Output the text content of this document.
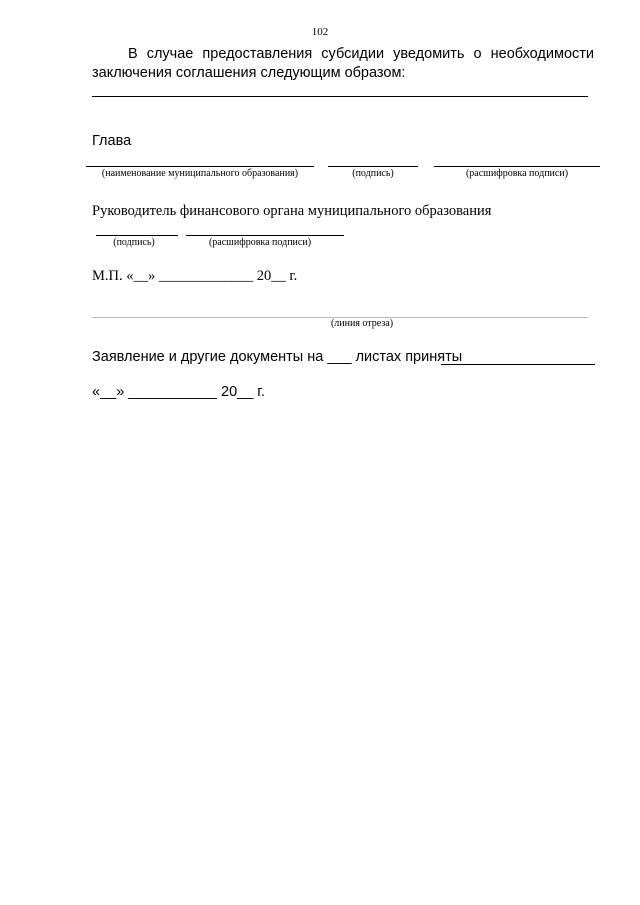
102
В случае предоставления субсидии уведомить о необходимости
заключения соглашения следующим образом:
Глава
(наименование муниципального образования)	(подпись)	(расшифровка подписи)
Руководитель финансового органа муниципального образования
(подпись)	(расшифровка подписи)
М.П. «__» _____________ 20__ г.
(линия отреза)
Заявление и другие документы на ___ листах приняты
«__» ___________ 20__ г.
